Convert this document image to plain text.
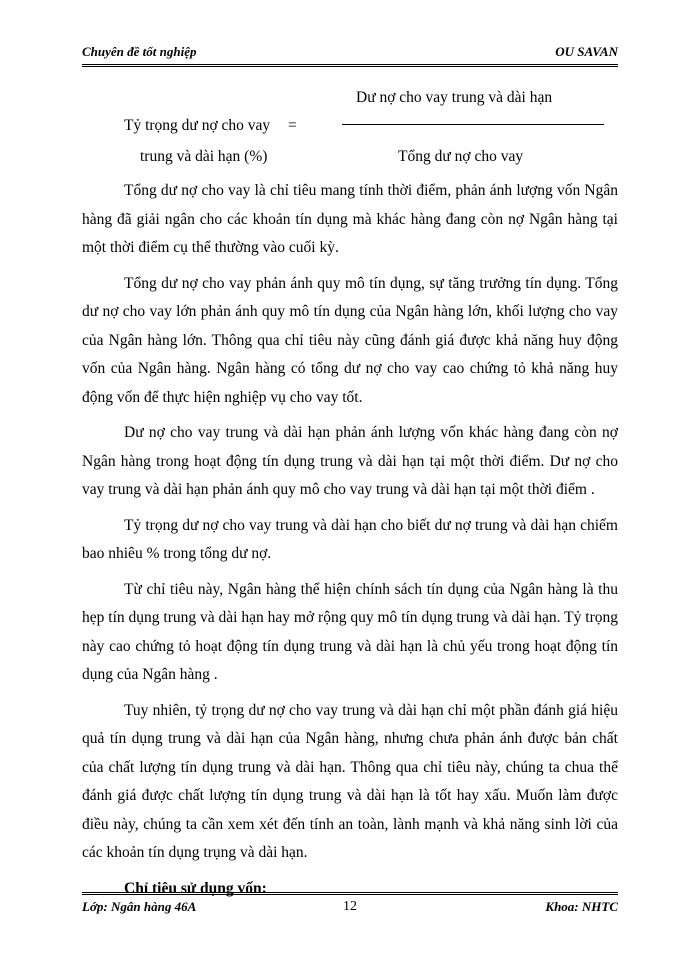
Chuyên đề tốt nghiệp	OU SAVAN
Tỷ trọng dư nợ cho vay
trung và dài hạn (%)
=
Dư nợ cho vay trung và dài hạn
Tổng dư nợ cho vay

Tổng dư nợ cho vay là chỉ tiêu mang tính thời điểm, phản ánh lượng vốn Ngân hàng đã giải ngân cho các khoản tín dụng mà khác hàng đang còn nợ Ngân hàng tại một thời điểm cụ thể thường vào cuối kỳ.

Tổng dư nợ cho vay phản ánh quy mô tín dụng, sự tăng trưởng tín dụng. Tổng dư nợ cho vay lớn phản ánh quy mô tín dụng của Ngân hàng lớn, khối lượng cho vay của Ngân hàng lớn. Thông qua chỉ tiêu này cũng đánh giá được khả năng huy động vốn của Ngân hàng. Ngân hàng có tổng dư nợ cho vay cao chứng tỏ khả năng huy động vốn để thực hiện nghiệp vụ cho vay tốt.

Dư nợ cho vay trung và dài hạn phản ánh lượng vốn khác hàng đang còn nợ Ngân hàng trong hoạt động tín dụng trung và dài hạn tại một thời điểm. Dư nợ cho vay trung và dài hạn phản ánh quy mô cho vay trung và dài hạn tại một thời điểm .

Tỷ trọng dư nợ cho vay trung và dài hạn cho biết dư nợ trung và dài hạn chiếm bao nhiêu % trong tổng dư nợ.

Từ chỉ tiêu này, Ngân hàng thể hiện chính sách tín dụng của Ngân hàng là thu hẹp tín dụng trung và dài hạn hay mở rộng quy mô tín dụng trung và dài hạn. Tỷ trọng này cao chứng tỏ hoạt động tín dụng trung và dài hạn là chủ yếu trong hoạt động tín dụng của Ngân hàng .

Tuy nhiên, tỷ trọng dư nợ cho vay trung và dài hạn chỉ một phần đánh giá hiệu quả tín dụng trung và dài hạn của Ngân hàng, nhưng chưa phản ánh được bản chất của chất lượng tín dụng trung và dài hạn. Thông qua chỉ tiêu này, chúng ta chua thể đánh giá được chất lượng tín dụng trung và dài hạn là tốt hay xấu. Muốn làm được điều này, chúng ta cần xem xét đến tính an toàn, lành mạnh và khả năng sinh lời của các khoản tín dụng trụng và dài hạn.

Chỉ tiêu sử dụng vốn:

Lớp: Ngân hàng 46A	12	Khoa: NHTC
